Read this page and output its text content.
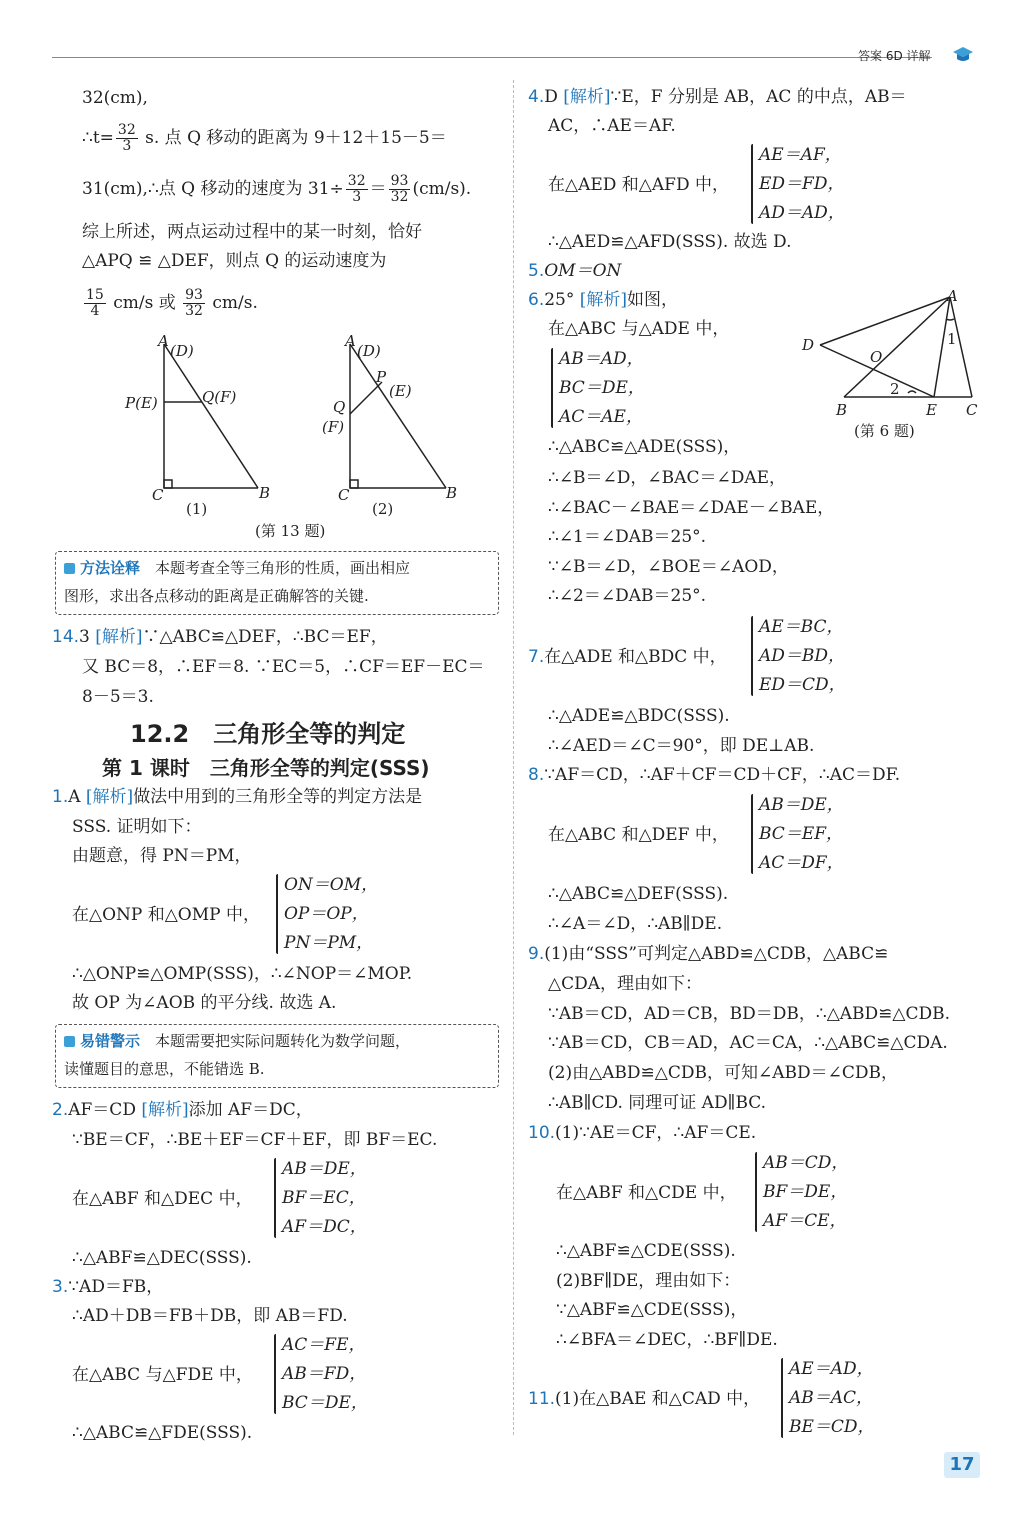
答案 6D 详解
32(cm),
∴t= $\frac{32}{3} s$. 点 Q 移动的距离为 9＋12＋15－5＝
31(cm),∴点 Q 移动的速度为 $31\div \frac{32}{3} = \frac{93}{32} (cm/s)$.
综上所述，两点运动过程中的某一时刻，恰好
△APQ ≌ △DEF，则点 Q 的运动速度为
$\frac{15}{4} cm/s$ 或 $\frac{93}{32} cm/s$.
A
(D)
P(E)	Q(F)
C	B
(1)
A
(D)
P
(E)
Q
(F)
C	B
(2)
(第 13 题)
方法诠释　 本题考查全等三角形的性质，画出相应
图形，求出各点移动的距离是正确解答的关键.
14.3 [解析]∵△ABC≌△DEF，∴BC＝EF，
又 BC＝8，∴EF＝8. ∵EC＝5，∴CF＝EF－EC＝
8－5＝3.
12.2　三角形全等的判定
第 1 课时　三角形全等的判定(SSS)
1.A [解析]做法中用到的三角形全等的判定方法是
SSS. 证明如下：
由题意，得 PN＝PM，
在△ONP 和△OMP 中，
ON＝OM，
OP＝OP，
PN＝PM，
∴△ONP≌△OMP(SSS)，∴∠NOP＝∠MOP.
故 OP 为∠AOB 的平分线. 故选 A.
易错警示　 本题需要把实际问题转化为数学问题，
读懂题目的意思，不能错选 B.
2.AF＝CD [解析]添加 AF＝DC，
∵BE＝CF，∴BE＋EF＝CF＋EF，即 BF＝EC.
在△ABF 和△DEC 中，
AB＝DE，
BF＝EC，
AF＝DC，
∴△ABF≌△DEC(SSS).
3.∵AD＝FB，
∴AD＋DB＝FB＋DB，即 AB＝FD.
在△ABC 与△FDE 中，
AC＝FE，
AB＝FD，
BC＝DE，
∴△ABC≌△FDE(SSS).
4.D [解析]∵E，F 分别是 AB，AC 的中点，AB＝
AC，∴AE＝AF.
在△AED 和△AFD 中，
AE＝AF，
ED＝FD，
AD＝AD，
∴△AED≌△AFD(SSS). 故选 D.
5.OM＝ON
6.25° [解析]如图，
在△ABC 与△ADE 中，
AB＝AD，
BC＝DE，
AC＝AE，
∴△ABC≌△ADE(SSS)，
∴∠B＝∠D，∠BAC＝∠DAE，
∴∠BAC－∠BAE＝∠DAE－∠BAE，
∴∠1＝∠DAB＝25°.
∵∠B＝∠D，∠BOE＝∠AOD，
∴∠2＝∠DAB＝25°.
A
D
O
1
2
B	E C
(第 6 题)
7.在△ADE 和△BDC 中，
AE＝BC，
AD＝BD，
ED＝CD，
∴△ADE≌△BDC(SSS).
∴∠AED＝∠C＝90°，即 DE⊥AB.
8.∵AF＝CD，∴AF＋CF＝CD＋CF，∴AC＝DF.
在△ABC 和△DEF 中，
AB＝DE，
BC＝EF，
AC＝DF，
∴△ABC≌△DEF(SSS).
∴∠A＝∠D，∴AB∥DE.
9.(1)由“SSS”可判定△ABD≌△CDB，△ABC≌
△CDA，理由如下：
∵AB＝CD，AD＝CB，BD＝DB，∴△ABD≌△CDB.
∵AB＝CD，CB＝AD，AC＝CA，∴△ABC≌△CDA.
(2)由△ABD≌△CDB，可知∠ABD＝∠CDB，
∴AB∥CD. 同理可证 AD∥BC.
10.(1)∵AE＝CF，∴AF＝CE.
在△ABF 和△CDE 中，
AB＝CD，
BF＝DE，
AF＝CE，
∴△ABF≌△CDE(SSS).
(2)BF∥DE，理由如下：
∵△ABF≌△CDE(SSS)，
∴∠BFA＝∠DEC，∴BF∥DE.
11.(1)在△BAE 和△CAD 中，
AE＝AD，
AB＝AC，
BE＝CD，
17
